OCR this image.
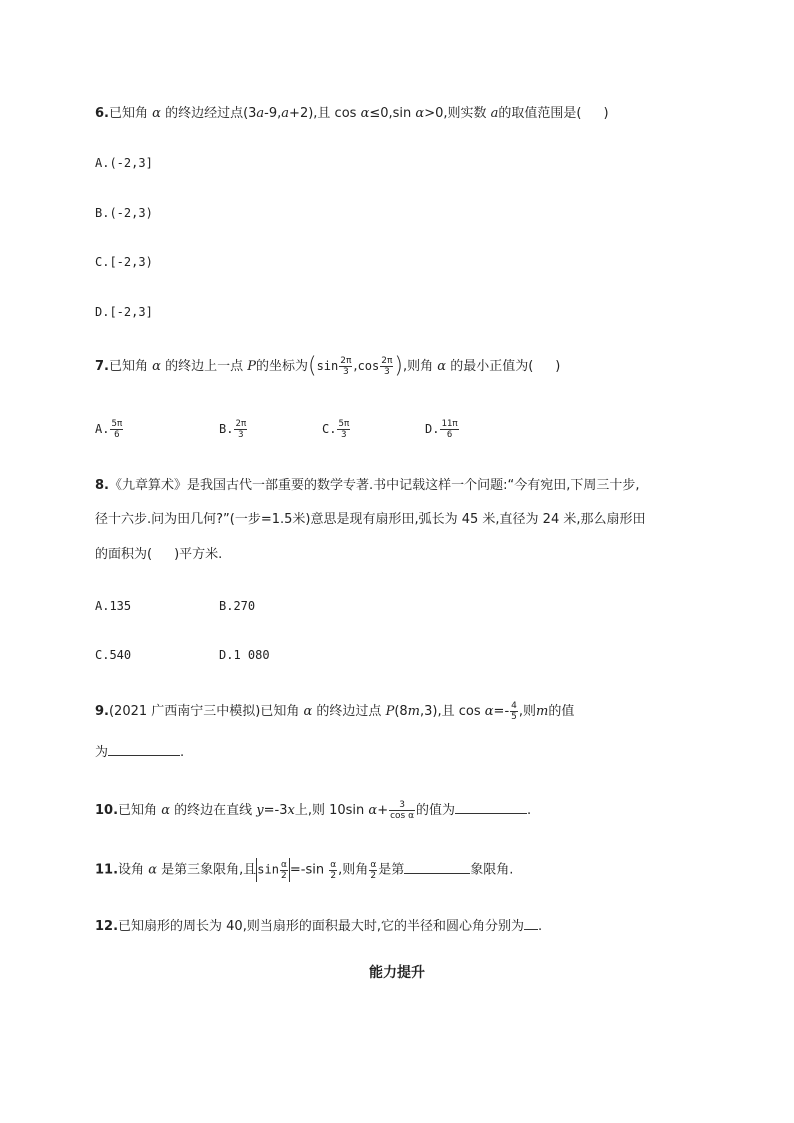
6.已知角 α 的终边经过点(3a-9,a+2),且 cos α≤0,sin α>0,则实数 a的取值范围是( )
A.(-2,3]
B.(-2,3)
C.[-2,3)
D.[-2,3]
7.已知角 α 的终边上一点 P的坐标为($\sin \frac{2\pi}{3} ,\cos \frac{2\pi}{3}$ ),则角 α 的最小正值为( )
A. $\frac{5\pi}{6}$	B. $\frac{2\pi}{3}$	C. $\frac{5\pi}{3}$	D. $\frac{11\pi}{6}$
8.《九章算术》是我国古代一部重要的数学专著.书中记载这样一个问题:“今有宛田,下周三十步,
径十六步.问为田几何?”(一步=1.5米)意思是现有扇形田,弧长为 45 米,直径为 24 米,那么扇形田
的面积为( )平方米.
A.135	B.270
C.540	D.1 080
9.(2021 广西南宁三中模拟)已知角 α 的终边过点 P(8m,3),且 $\cos \alpha=- \frac{4}{5}$ ,则m的值
为	.
10.已知角 α 的终边在直线 y=-3x上,则 10sin $\alpha+ \frac{3}{\text{cos α}}$ 的值为	.
11.设角 α 是第三象限角,且$\sin \frac{\alpha}{2} =-\sin \frac{\alpha}{2}$ ,则角 $\frac{\alpha}{2}$ 是第	象限角.
12.已知扇形的周长为 40,则当扇形的面积最大时,它的半径和圆心角分别为 .
能力提升
